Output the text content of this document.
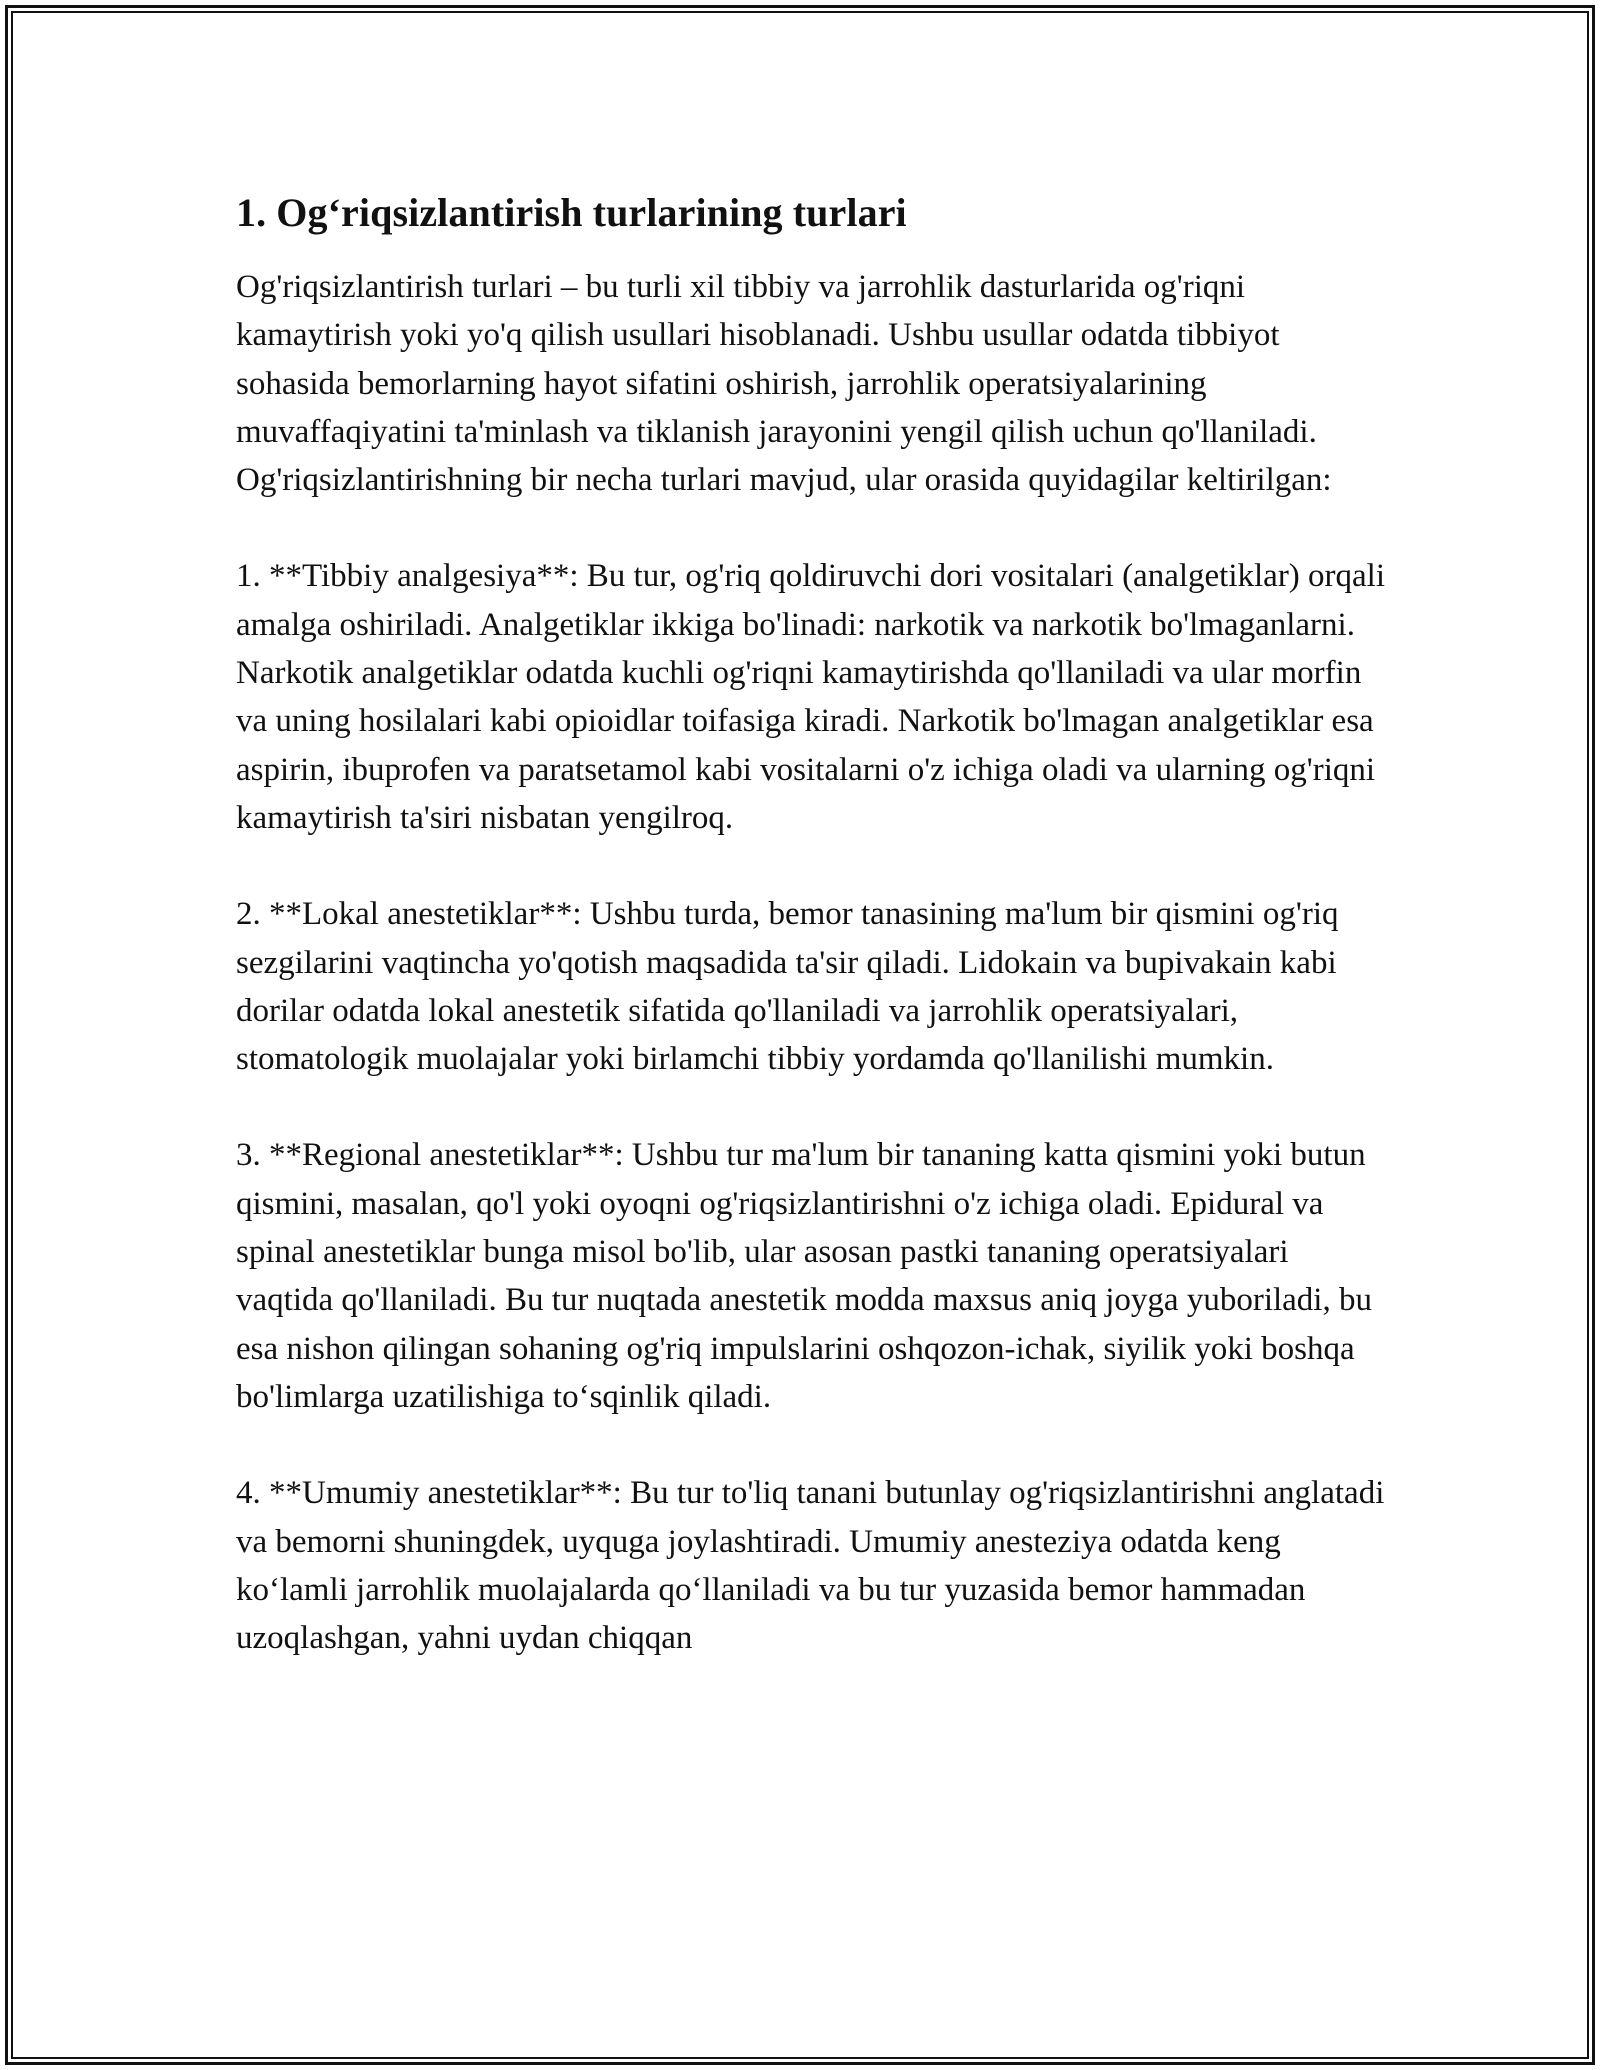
1. Og‘riqsizlantirish turlarining turlari

Og'riqsizlantirish turlari – bu turli xil tibbiy va jarrohlik dasturlarida og'riqni kamaytirish yoki yo'q qilish usullari hisoblanadi. Ushbu usullar odatda tibbiyot sohasida bemorlarning hayot sifatini oshirish, jarrohlik operatsiyalarining muvaffaqiyatini ta'minlash va tiklanish jarayonini yengil qilish uchun qo'llaniladi. Og'riqsizlantirishning bir necha turlari mavjud, ular orasida quyidagilar keltirilgan:

1. **Tibbiy analgesiya**: Bu tur, og'riq qoldiruvchi dori vositalari (analgetiklar) orqali amalga oshiriladi. Analgetiklar ikkiga bo'linadi: narkotik va narkotik bo'lmaganlarni. Narkotik analgetiklar odatda kuchli og'riqni kamaytirishda qo'llaniladi va ular morfin va uning hosilalari kabi opioidlar toifasiga kiradi. Narkotik bo'lmagan analgetiklar esa aspirin, ibuprofen va paratsetamol kabi vositalarni o'z ichiga oladi va ularning og'riqni kamaytirish ta'siri nisbatan yengilroq.

2. **Lokal anestetiklar**: Ushbu turda, bemor tanasining ma'lum bir qismini og'riq sezgilarini vaqtincha yo'qotish maqsadida ta'sir qiladi. Lidokain va bupivakain kabi dorilar odatda lokal anestetik sifatida qo'llaniladi va jarrohlik operatsiyalari, stomatologik muolajalar yoki birlamchi tibbiy yordamda qo'llanilishi mumkin.

3. **Regional anestetiklar**: Ushbu tur ma'lum bir tananing katta qismini yoki butun qismini, masalan, qo'l yoki oyoqni og'riqsizlantirishni o'z ichiga oladi. Epidural va spinal anestetiklar bunga misol bo'lib, ular asosan pastki tananing operatsiyalari vaqtida qo'llaniladi. Bu tur nuqtada anestetik modda maxsus aniq joyga yuboriladi, bu esa nishon qilingan sohaning og'riq impulslarini oshqozon-ichak, siyilik yoki boshqa bo'limlarga uzatilishiga to‘sqinlik qiladi.

4. **Umumiy anestetiklar**: Bu tur to'liq tanani butunlay og'riqsizlantirishni anglatadi va bemorni shuningdek, uyquga joylashtiradi. Umumiy anesteziya odatda keng ko‘lamli jarrohlik muolajalarda qo‘llaniladi va bu tur yuzasida bemor hammadan uzoqlashgan, yahni uydan chiqqan
